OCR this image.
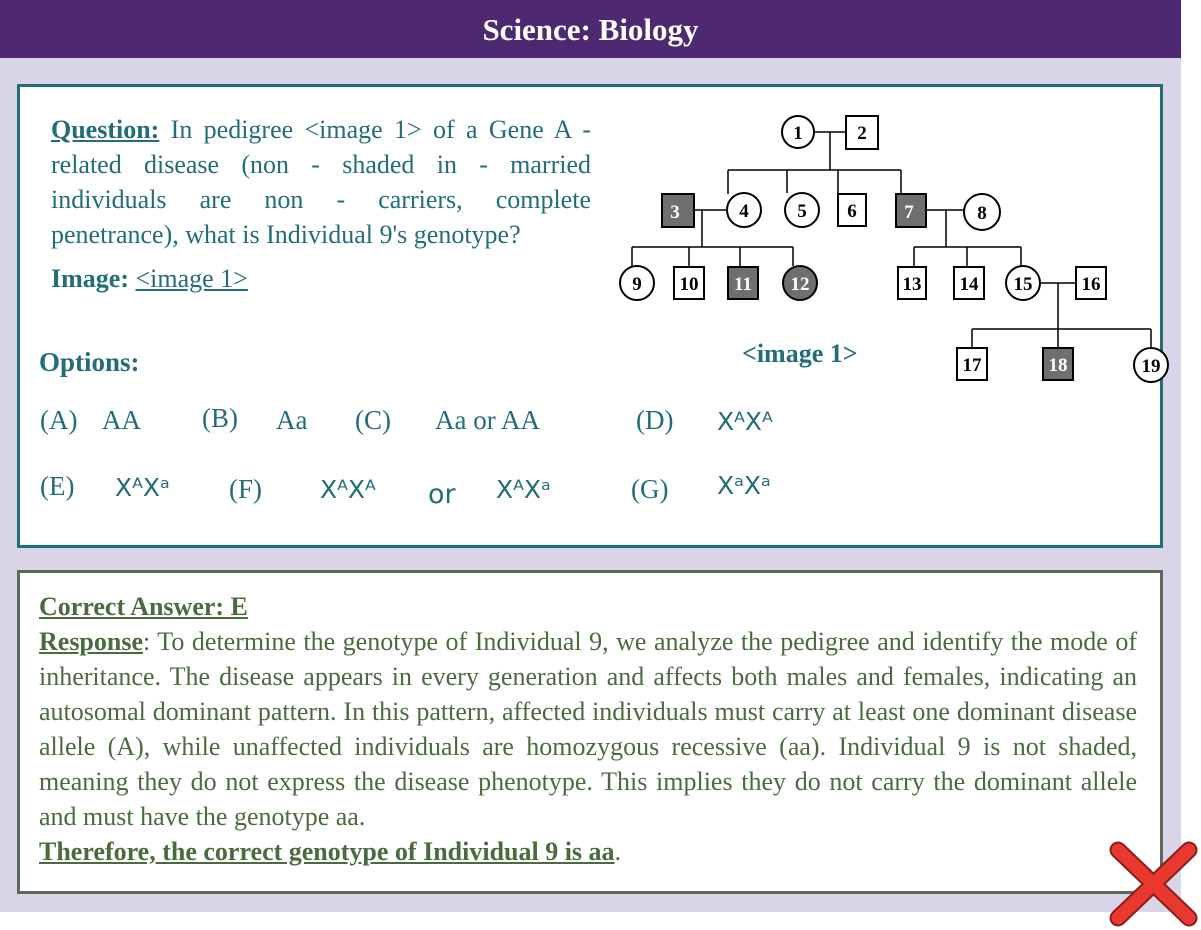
Science: Biology
Question: In pedigree <image 1> of a Gene A - related disease (non - shaded in - married individuals are non - carriers, complete penetrance), what is Individual 9's genotype?
Image: <image 1>
Options:
(A) AA (B) Aa (C) Aa or AA	(D) XᴬXᴬ
(E) XᴬXᵃ (F) XᴬXᴬ or XᴬXᵃ	(G) XᵃXᵃ
1	2
3	4	5 6	7	8
9 10 11 12	13 14 15	16
17	18	19
<image 1>
Correct Answer: E
Response: To determine the genotype of Individual 9, we analyze the pedigree and identify the mode of inheritance. The disease appears in every generation and affects both males and females, indicating an autosomal dominant pattern. In this pattern, affected individuals must carry at least one dominant disease allele (A), while unaffected individuals are homozygous recessive (aa). Individual 9 is not shaded, meaning they do not express the disease phenotype. This implies they do not carry the dominant allele and must have the genotype aa.
Therefore, the correct genotype of Individual 9 is aa.
